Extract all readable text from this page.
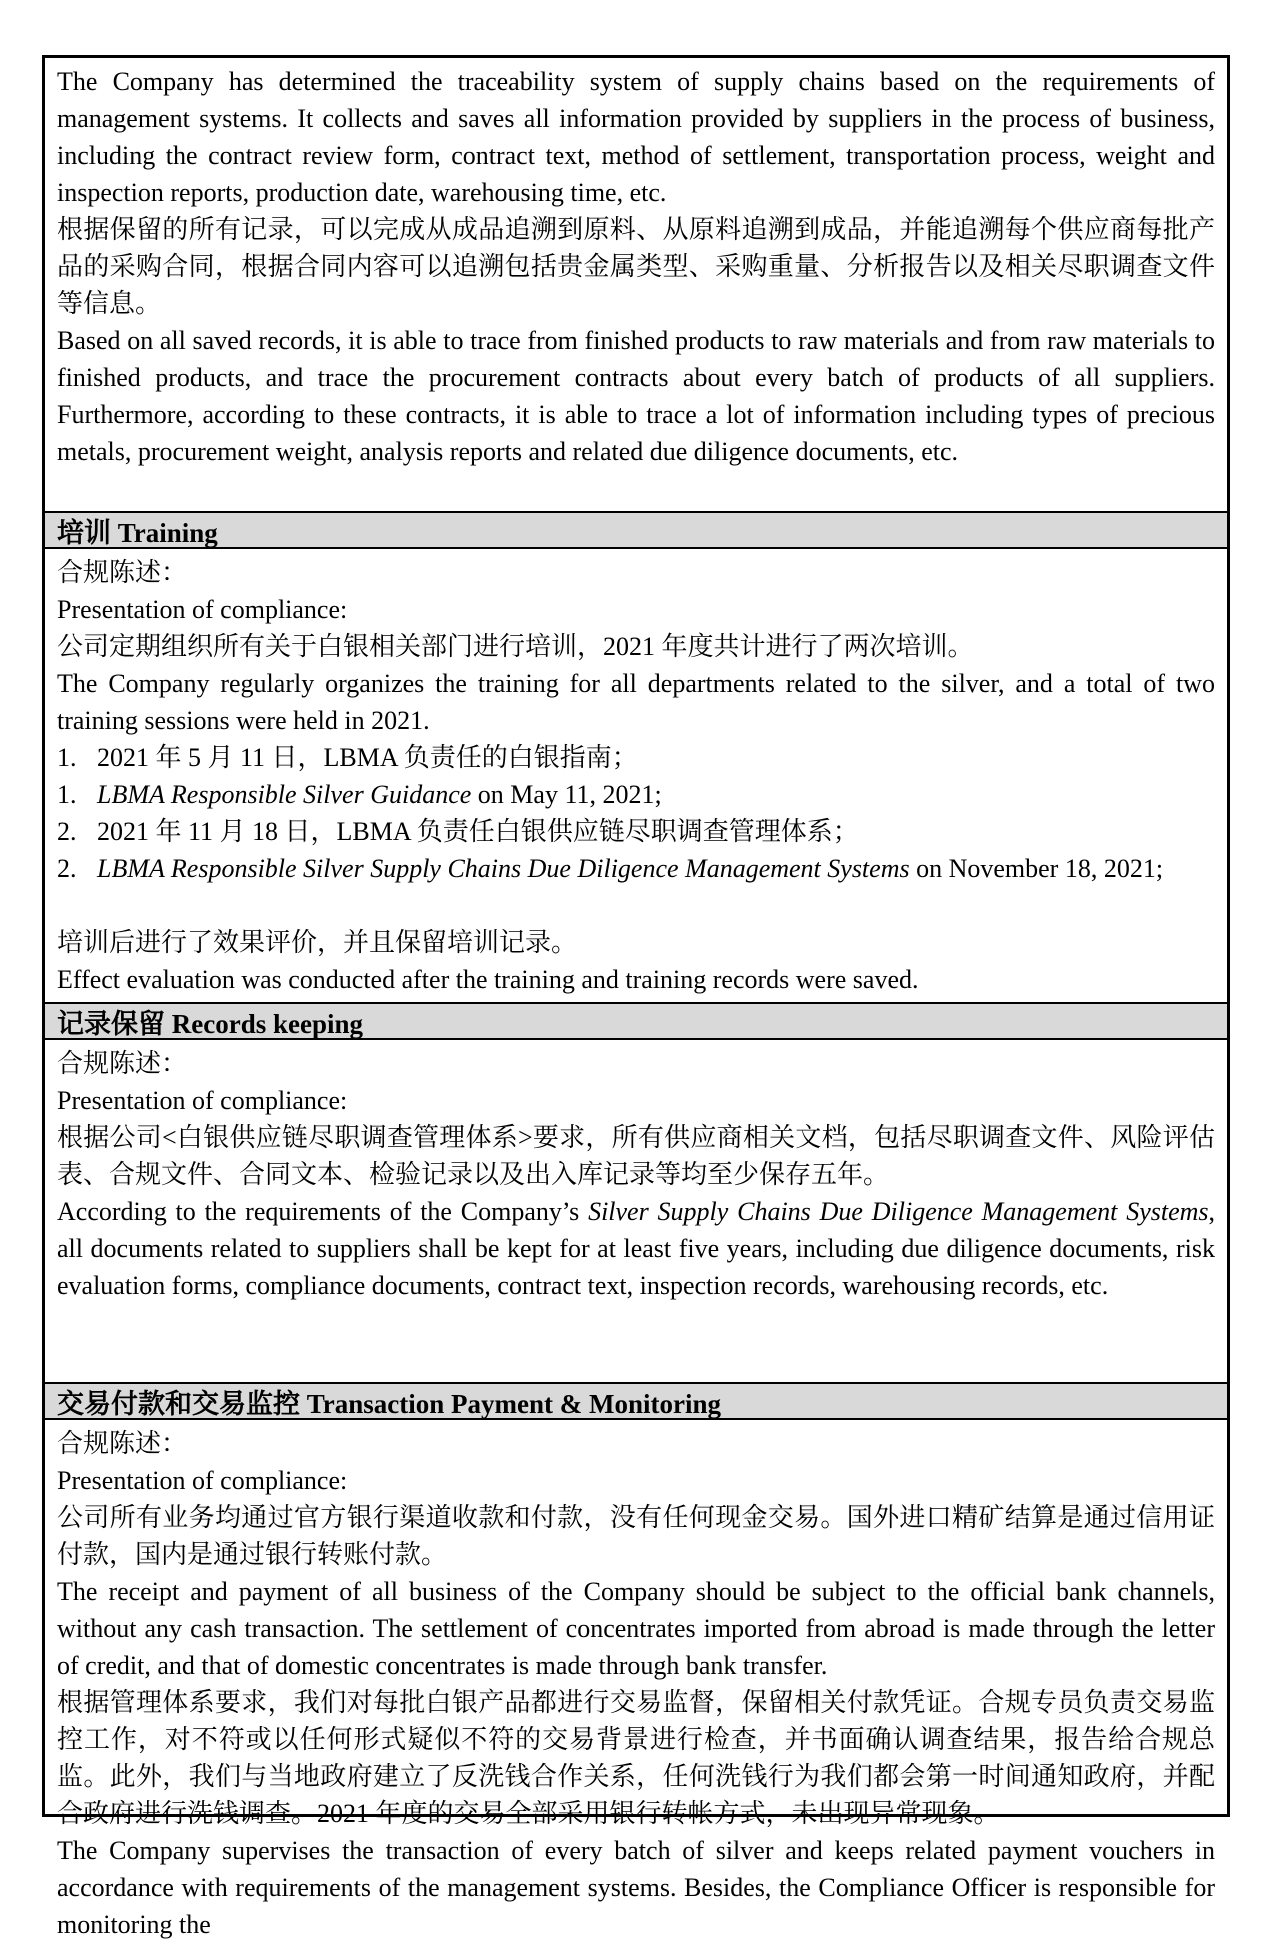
The Company has determined the traceability system of supply chains based on the requirements of management systems. It collects and saves all information provided by suppliers in the process of business, including the contract review form, contract text, method of settlement, transportation process, weight and inspection reports, production date, warehousing time, etc.
根据保留的所有记录，可以完成从成品追溯到原料、从原料追溯到成品，并能追溯每个供应商每批产品的采购合同，根据合同内容可以追溯包括贵金属类型、采购重量、分析报告以及相关尽职调查文件等信息。
Based on all saved records, it is able to trace from finished products to raw materials and from raw materials to finished products, and trace the procurement contracts about every batch of products of all suppliers. Furthermore, according to these contracts, it is able to trace a lot of information including types of precious metals, procurement weight, analysis reports and related due diligence documents, etc.

培训 Training
合规陈述：
Presentation of compliance:
公司定期组织所有关于白银相关部门进行培训，2021 年度共计进行了两次培训。
The Company regularly organizes the training for all departments related to the silver, and a total of two training sessions were held in 2021.
1. 2021 年 5 月 11 日，LBMA 负责任的白银指南；
1. LBMA Responsible Silver Guidance on May 11, 2021;
2. 2021 年 11 月 18 日，LBMA 负责任白银供应链尽职调查管理体系；
2. LBMA Responsible Silver Supply Chains Due Diligence Management Systems on November 18, 2021;

培训后进行了效果评价，并且保留培训记录。
Effect evaluation was conducted after the training and training records were saved.
记录保留 Records keeping
合规陈述：
Presentation of compliance:
根据公司<白银供应链尽职调查管理体系>要求，所有供应商相关文档，包括尽职调查文件、风险评估表、合规文件、合同文本、检验记录以及出入库记录等均至少保存五年。
According to the requirements of the Company’s Silver Supply Chains Due Diligence Management Systems, all documents related to suppliers shall be kept for at least five years, including due diligence documents, risk evaluation forms, compliance documents, contract text, inspection records, warehousing records, etc.

交易付款和交易监控 Transaction Payment & Monitoring
合规陈述：
Presentation of compliance:
公司所有业务均通过官方银行渠道收款和付款，没有任何现金交易。国外进口精矿结算是通过信用证付款，国内是通过银行转账付款。
The receipt and payment of all business of the Company should be subject to the official bank channels, without any cash transaction. The settlement of concentrates imported from abroad is made through the letter of credit, and that of domestic concentrates is made through bank transfer.
根据管理体系要求，我们对每批白银产品都进行交易监督，保留相关付款凭证。合规专员负责交易监控工作，对不符或以任何形式疑似不符的交易背景进行检查，并书面确认调查结果，报告给合规总监。此外，我们与当地政府建立了反洗钱合作关系，任何洗钱行为我们都会第一时间通知政府，并配合政府进行洗钱调查。2021 年度的交易全部采用银行转帐方式，未出现异常现象。
The Company supervises the transaction of every batch of silver and keeps related payment vouchers in accordance with requirements of the management systems. Besides, the Compliance Officer is responsible for monitoring the
